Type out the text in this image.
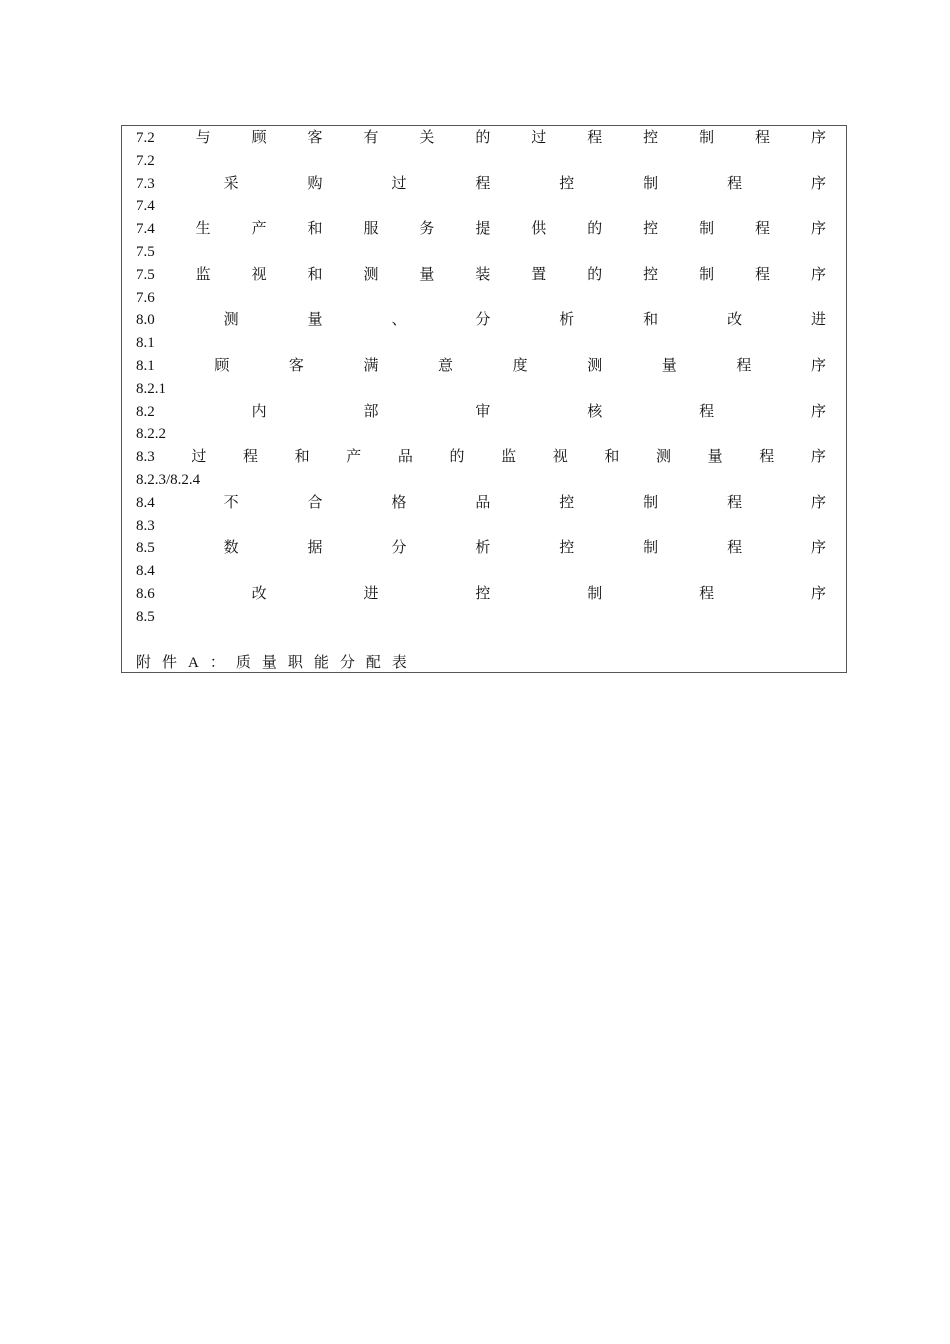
附件A：质量职能分配表
7.2	与	顾	客	有	关	的	过	程	控	制	程	序
7.2
7.3	采	购	过	程	控	制	程	序
7.4
7.4	生	产	和	服	务	提	供	的	控	制	程	序
7.5
7.5	监	视	和	测	量	装	置	的	控	制	程	序
7.6
8.0	测	量	、	分	析	和	改	进
8.1
8.1	顾	客	满	意	度	测	量	程	序
8.2.1
8.2	内	部	审	核	程	序
8.2.2
8.3 过 程 和 产 品 的 监 视 和 测 量 程 序
8.2.3/8.2.4
8.4	不	合	格	品	控	制	程	序
8.3
8.5	数	据	分	析	控	制	程	序
8.4
8.6	改	进	控	制	程	序
8.5
